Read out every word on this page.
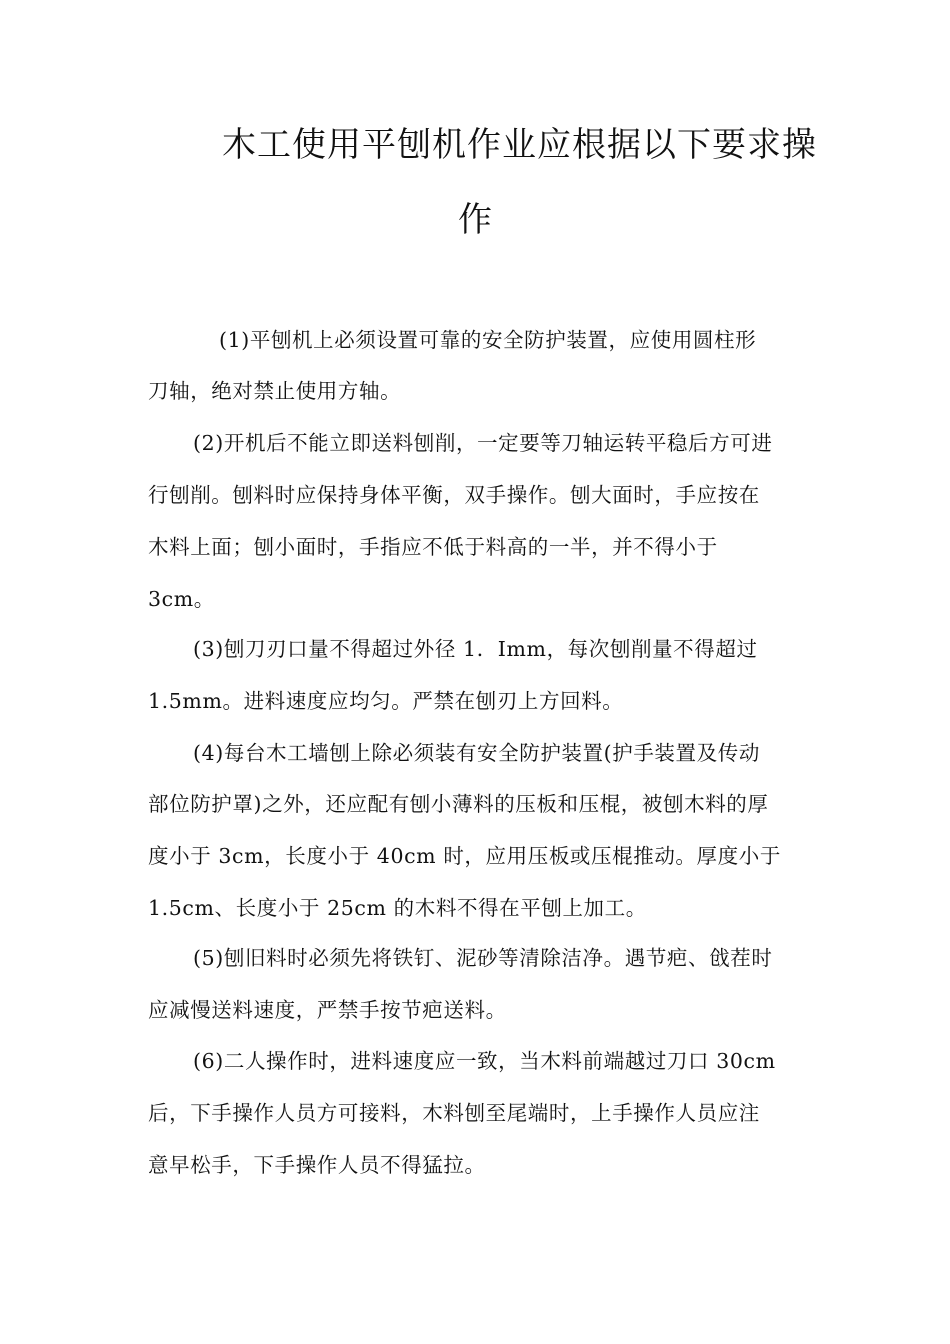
木工使用平刨机作业应根据以下要求操
作
(1)平刨机上必须设置可靠的安全防护装置，应使用圆柱形
刀轴，绝对禁止使用方轴。
(2)开机后不能立即送料刨削，一定要等刀轴运转平稳后方可进
行刨削。刨料时应保持身体平衡，双手操作。刨大面时，手应按在
木料上面；刨小面时，手指应不低于料高的一半，并不得小于
3cm。
(3)刨刀刃口量不得超过外径 1．Imm，每次刨削量不得超过
1.5mm。进料速度应均匀。严禁在刨刃上方回料。
(4)每台木工墙刨上除必须装有安全防护装置(护手装置及传动
部位防护罩)之外，还应配有刨小薄料的压板和压棍，被刨木料的厚
度小于 3cm，长度小于 40cm 时，应用压板或压棍推动。厚度小于
1.5cm、长度小于 25cm 的木料不得在平刨上加工。
(5)刨旧料时必须先将铁钉、泥砂等清除洁净。遇节疤、戗茬时
应减慢送料速度，严禁手按节疤送料。
(6)二人操作时，进料速度应一致，当木料前端越过刀口 30cm
后，下手操作人员方可接料，木料刨至尾端时，上手操作人员应注
意早松手，下手操作人员不得猛拉。
